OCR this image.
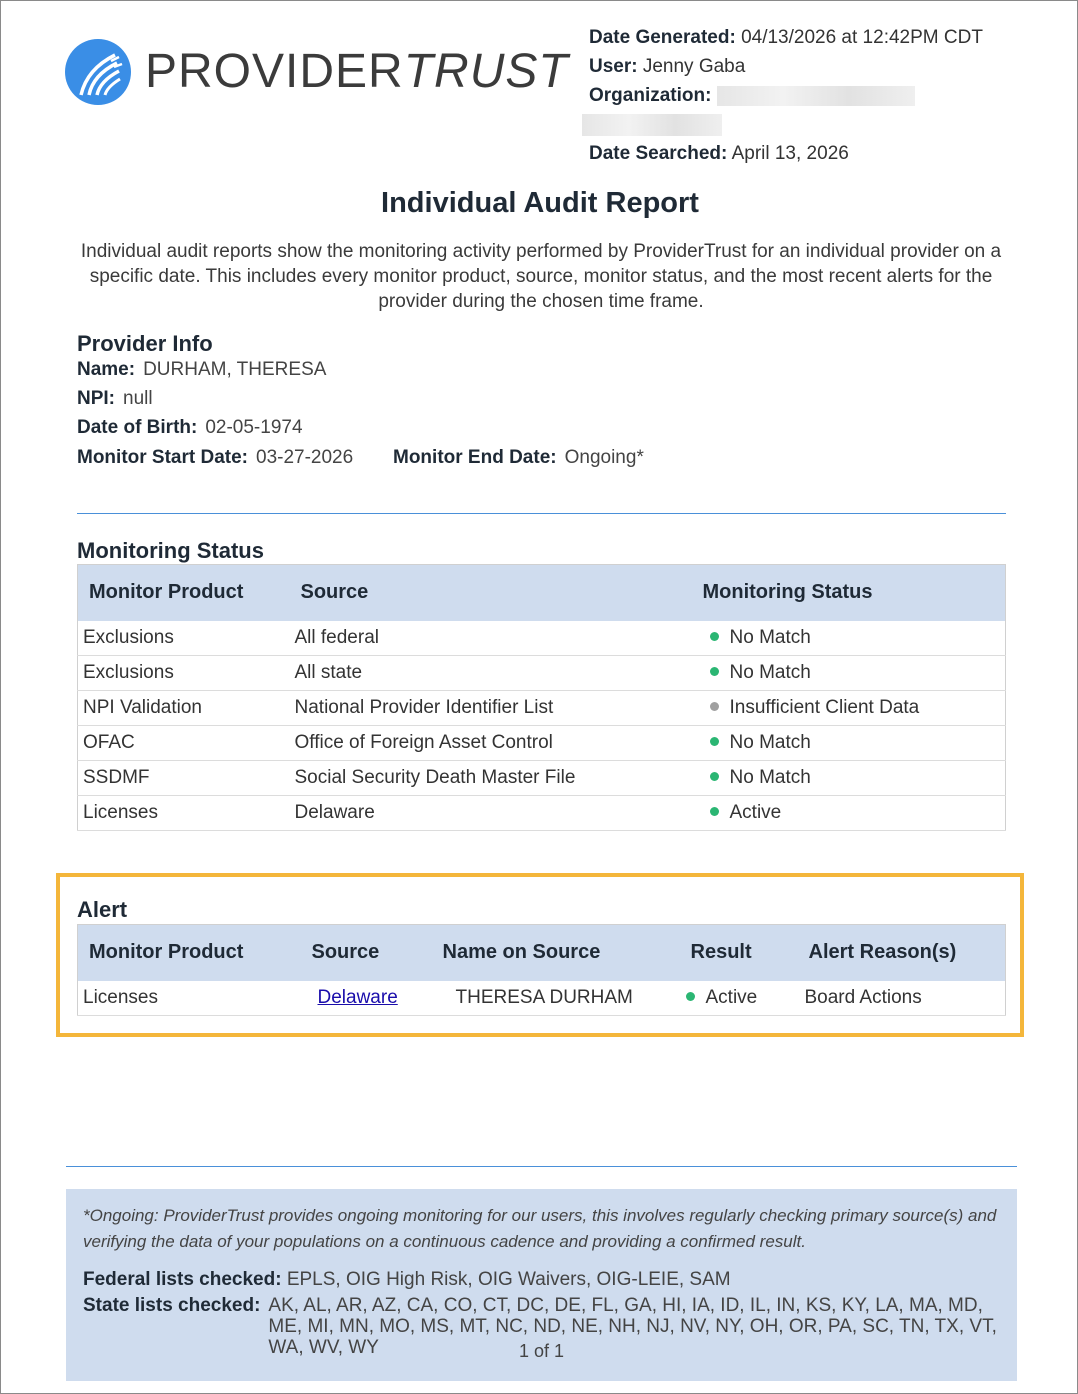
PROVIDERTRUST
Date Generated: 04/13/2026 at 12:42PM CDT
User: Jenny Gaba
Organization:
Date Searched: April 13, 2026
Individual Audit Report
Individual audit reports show the monitoring activity performed by ProviderTrust for an individual provider on a specific date. This includes every monitor product, source, monitor status, and the most recent alerts for the provider during the chosen time frame.
Provider Info
Name: DURHAM, THERESA
NPI: null
Date of Birth: 02-05-1974
Monitor Start Date: 03-27-2026 Monitor End Date: Ongoing*
Monitoring Status
Monitor Product	Source	Monitoring Status
Exclusions	All federal	No Match
Exclusions	All state	No Match
NPI Validation	National Provider Identifier List	Insufficient Client Data
OFAC	Office of Foreign Asset Control	No Match
SSDMF	Social Security Death Master File	No Match
Licenses	Delaware	Active
Alert
Monitor Product	Source	Name on Source	Result	Alert Reason(s)
Licenses	Delaware	THERESA DURHAM	Active	Board Actions
*Ongoing: ProviderTrust provides ongoing monitoring for our users, this involves regularly checking primary source(s) and verifying the data of your populations on a continuous cadence and providing a confirmed result.
Federal lists checked: EPLS, OIG High Risk, OIG Waivers, OIG-LEIE, SAM
State lists checked: AK, AL, AR, AZ, CA, CO, CT, DC, DE, FL, GA, HI, IA, ID, IL, IN, KS, KY, LA, MA, MD, ME, MI, MN, MO, MS, MT, NC, ND, NE, NH, NJ, NV, NY, OH, OR, PA, SC, TN, TX, VT, WA, WV, WY	1 of 1
